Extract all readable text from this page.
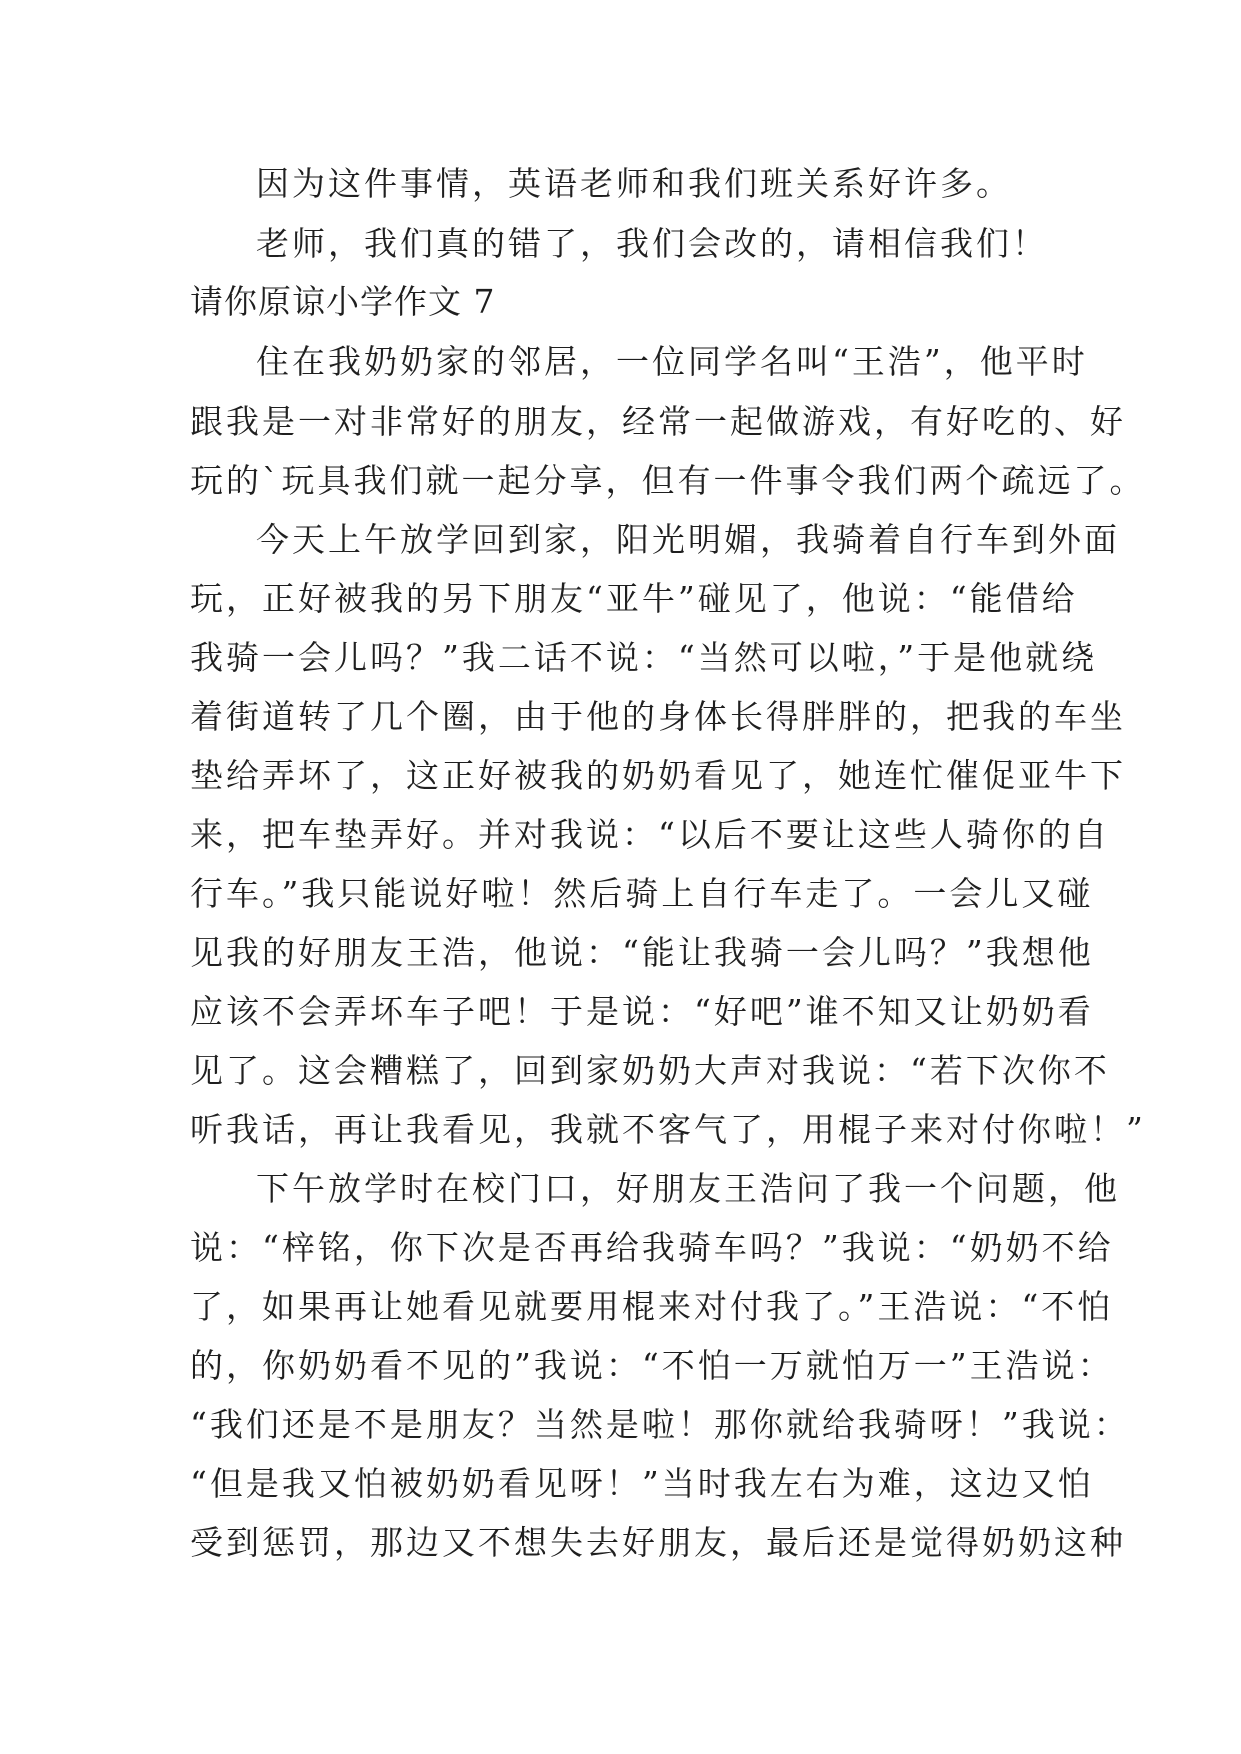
因为这件事情，英语老师和我们班关系好许多。
老师，我们真的错了，我们会改的，请相信我们！
请你原谅小学作文 7
住在我奶奶家的邻居，一位同学名叫“王浩”，他平时
跟我是一对非常好的朋友，经常一起做游戏，有好吃的、好
玩的`玩具我们就一起分享，但有一件事令我们两个疏远了。
今天上午放学回到家，阳光明媚，我骑着自行车到外面
玩，正好被我的另下朋友“亚牛”碰见了，他说：“能借给
我骑一会儿吗？”我二话不说：“当然可以啦，”于是他就绕
着街道转了几个圈，由于他的身体长得胖胖的，把我的车坐
垫给弄坏了，这正好被我的奶奶看见了，她连忙催促亚牛下
来，把车垫弄好。并对我说：“以后不要让这些人骑你的自
行车。”我只能说好啦！然后骑上自行车走了。一会儿又碰
见我的好朋友王浩，他说：“能让我骑一会儿吗？”我想他
应该不会弄坏车子吧！于是说：“好吧”谁不知又让奶奶看
见了。这会糟糕了，回到家奶奶大声对我说：“若下次你不
听我话，再让我看见，我就不客气了，用棍子来对付你啦！”
下午放学时在校门口，好朋友王浩问了我一个问题，他
说：“梓铭，你下次是否再给我骑车吗？”我说：“奶奶不给
了，如果再让她看见就要用棍来对付我了。”王浩说：“不怕
的，你奶奶看不见的”我说：“不怕一万就怕万一”王浩说：
“我们还是不是朋友？当然是啦！那你就给我骑呀！”我说：
“但是我又怕被奶奶看见呀！”当时我左右为难，这边又怕
受到惩罚，那边又不想失去好朋友，最后还是觉得奶奶这种
